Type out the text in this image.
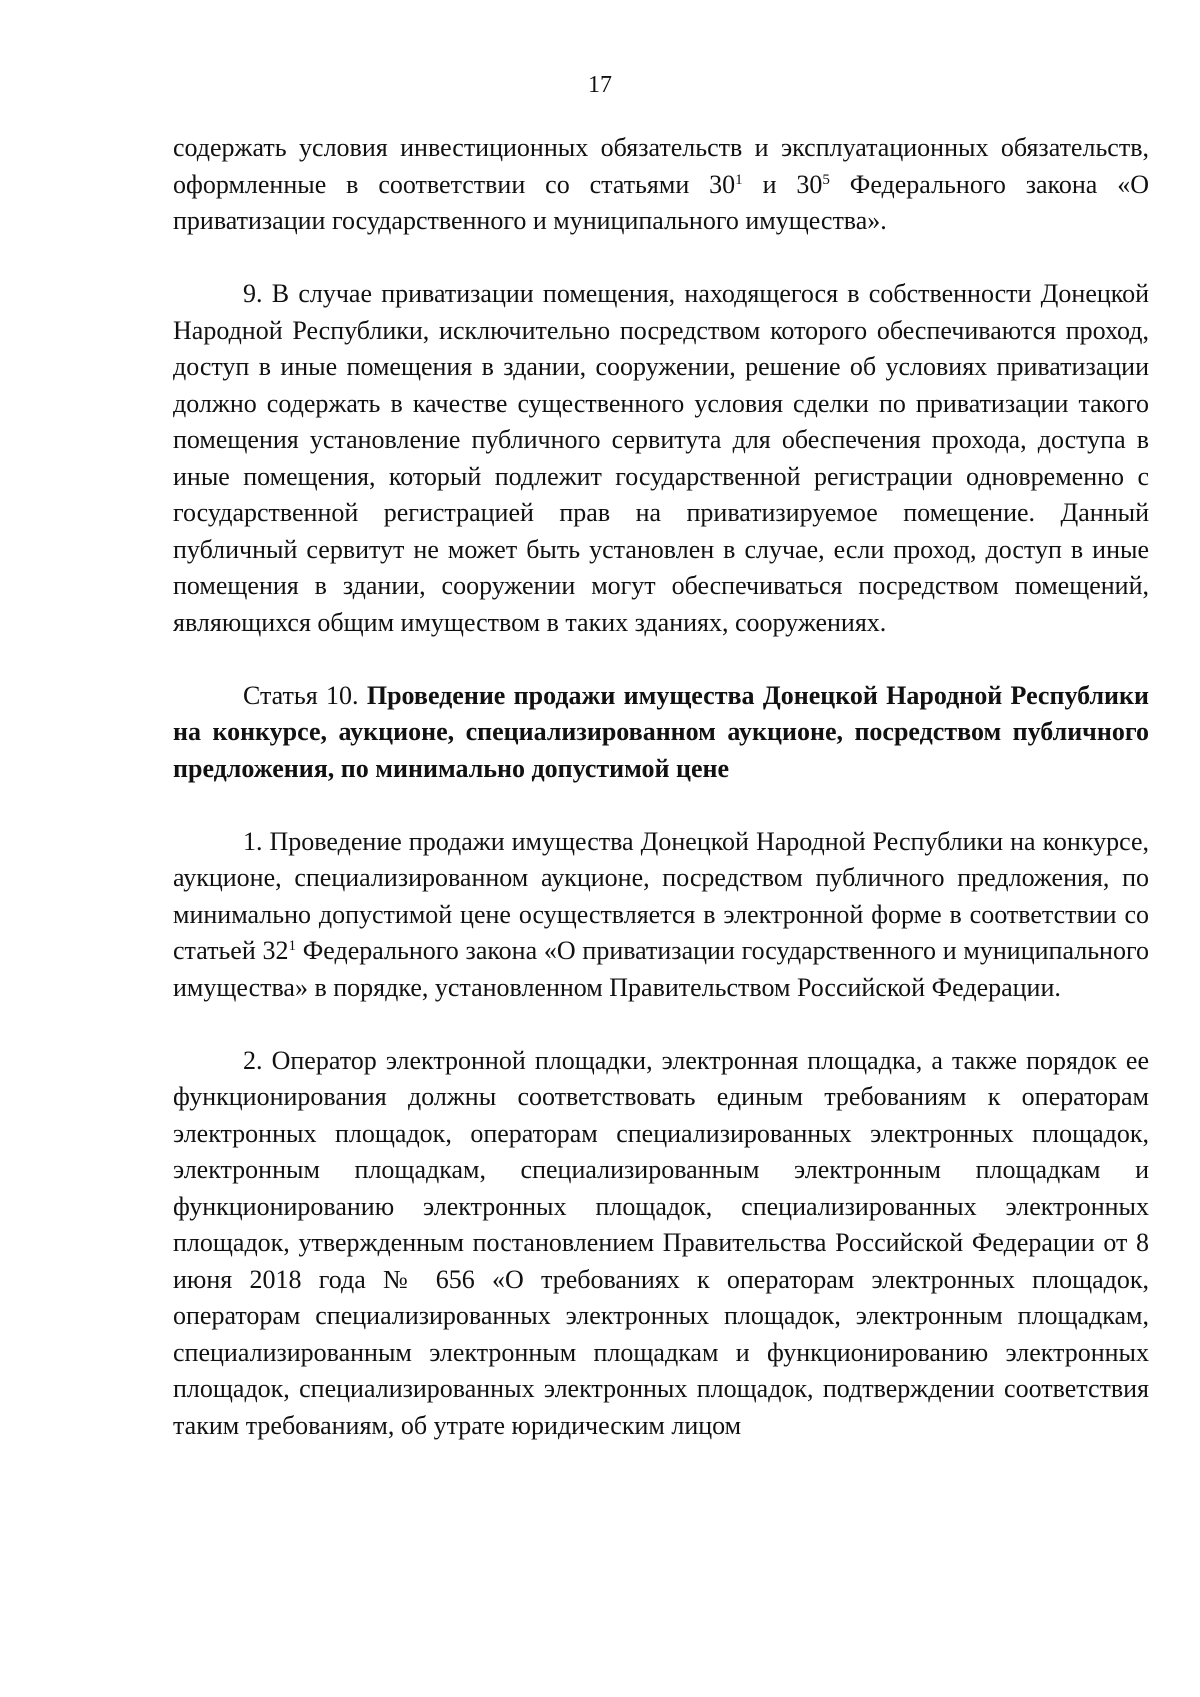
17

содержать условия инвестиционных обязательств и эксплуатационных обязательств, оформленные в соответствии со статьями $30^1$ и $30^5$ Федерального закона «О приватизации государственного и муниципального имущества».

9. В случае приватизации помещения, находящегося в собственности Донецкой Народной Республики, исключительно посредством которого обеспечиваются проход, доступ в иные помещения в здании, сооружении, решение об условиях приватизации должно содержать в качестве существенного условия сделки по приватизации такого помещения установление публичного сервитута для обеспечения прохода, доступа в иные помещения, который подлежит государственной регистрации одновременно с государственной регистрацией прав на приватизируемое помещение. Данный публичный сервитут не может быть установлен в случае, если проход, доступ в иные помещения в здании, сооружении могут обеспечиваться посредством помещений, являющихся общим имуществом в таких зданиях, сооружениях.

Статья 10. Проведение продажи имущества Донецкой Народной Республики на конкурсе, аукционе, специализированном аукционе, посредством публичного предложения, по минимально допустимой цене

1. Проведение продажи имущества Донецкой Народной Республики на конкурсе, аукционе, специализированном аукционе, посредством публичного предложения, по минимально допустимой цене осуществляется в электронной форме в соответствии со статьей $32^1$ Федерального закона «О приватизации государственного и муниципального имущества» в порядке, установленном Правительством Российской Федерации.

2. Оператор электронной площадки, электронная площадка, а также порядок ее функционирования должны соответствовать единым требованиям к операторам электронных площадок, операторам специализированных электронных площадок, электронным площадкам, специализированным электронным площадкам и функционированию электронных площадок, специализированных электронных площадок, утвержденным постановлением Правительства Российской Федерации от 8 июня 2018 года № 656 «О требованиях к операторам электронных площадок, операторам специализированных электронных площадок, электронным площадкам, специализированным электронным площадкам и функционированию электронных площадок, специализированных электронных площадок, подтверждении соответствия таким требованиям, об утрате юридическим лицом
